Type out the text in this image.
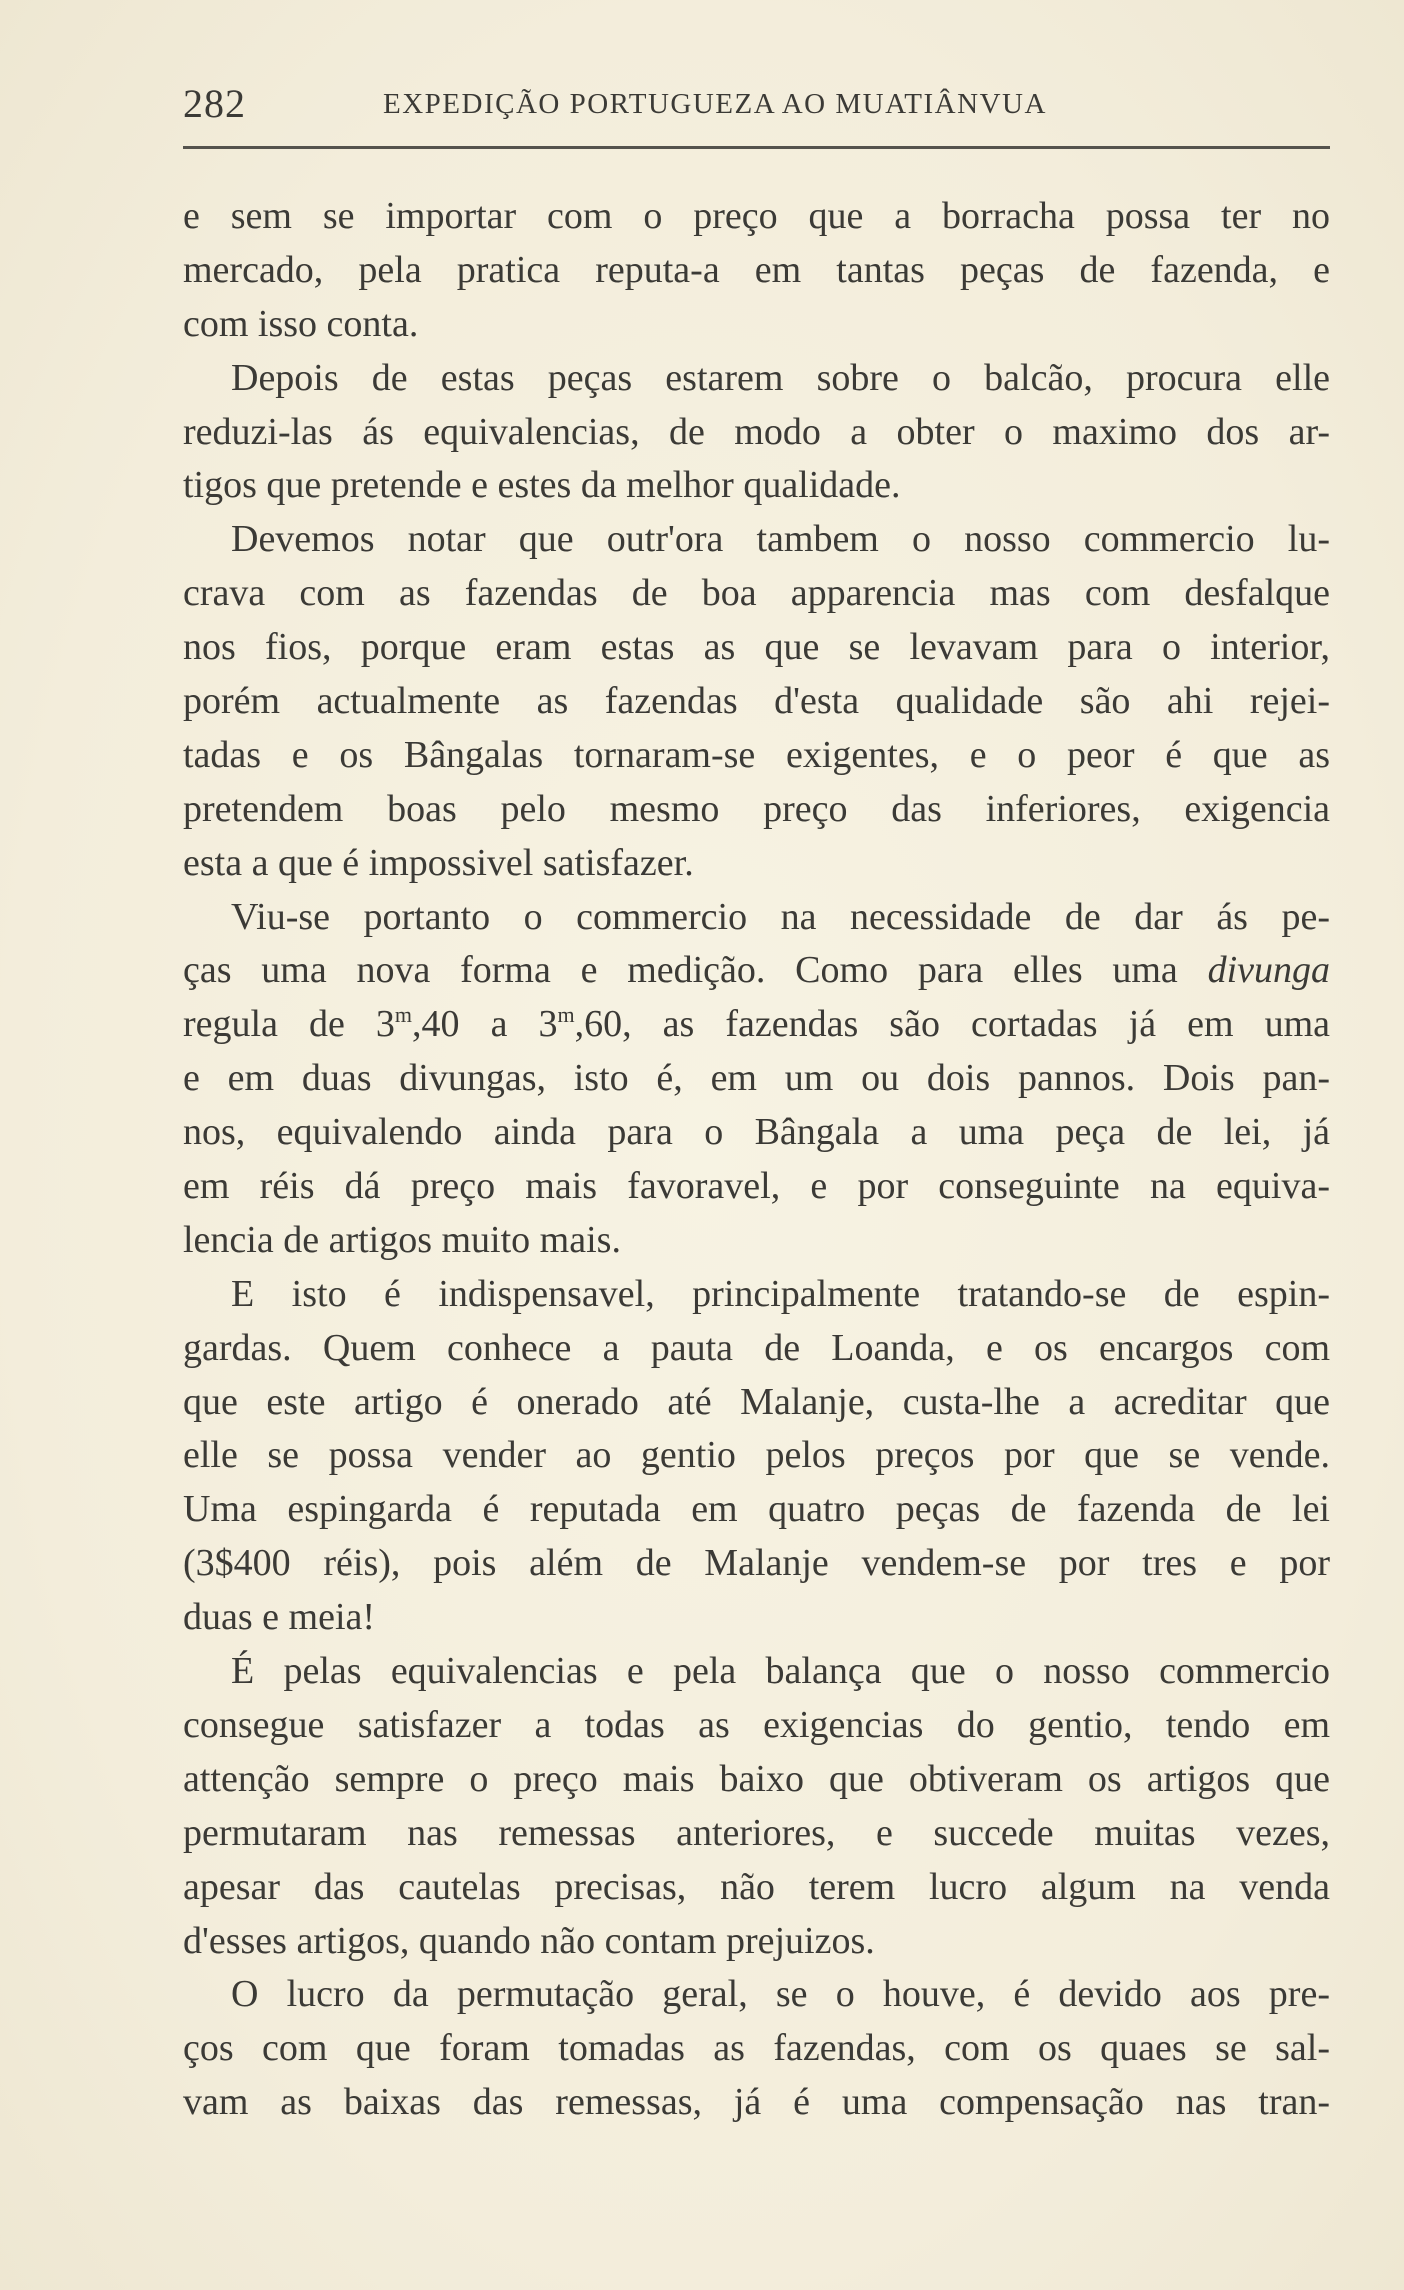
282	EXPEDIÇÃO PORTUGUEZA AO MUATIÂNVUA
e sem se importar com o preço que a borracha possa ter no
mercado, pela pratica reputa-a em tantas peças de fazenda, e
com isso conta.
Depois de estas peças estarem sobre o balcão, procura elle
reduzi-las ás equivalencias, de modo a obter o maximo dos ar-
tigos que pretende e estes da melhor qualidade.
Devemos notar que outr'ora tambem o nosso commercio lu-
crava com as fazendas de boa apparencia mas com desfalque
nos fios, porque eram estas as que se levavam para o interior,
porém actualmente as fazendas d'esta qualidade são ahi rejei-
tadas e os Bângalas tornaram-se exigentes, e o peor é que as
pretendem boas pelo mesmo preço das inferiores, exigencia
esta a que é impossivel satisfazer.
Viu-se portanto o commercio na necessidade de dar ás pe-
ças uma nova forma e medição. Como para elles uma divunga
regula de 3$^m$,40 a 3$^m$,60, as fazendas são cortadas já em uma
e em duas divungas, isto é, em um ou dois pannos. Dois pan-
nos, equivalendo ainda para o Bângala a uma peça de lei, já
em réis dá preço mais favoravel, e por conseguinte na equiva-
lencia de artigos muito mais.
E isto é indispensavel, principalmente tratando-se de espin-
gardas. Quem conhece a pauta de Loanda, e os encargos com
que este artigo é onerado até Malanje, custa-lhe a acreditar que
elle se possa vender ao gentio pelos preços por que se vende.
Uma espingarda é reputada em quatro peças de fazenda de lei
(3$400 réis), pois além de Malanje vendem-se por tres e por
duas e meia!
É pelas equivalencias e pela balança que o nosso commercio
consegue satisfazer a todas as exigencias do gentio, tendo em
attenção sempre o preço mais baixo que obtiveram os artigos que
permutaram nas remessas anteriores, e succede muitas vezes,
apesar das cautelas precisas, não terem lucro algum na venda
d'esses artigos, quando não contam prejuizos.
O lucro da permutação geral, se o houve, é devido aos pre-
ços com que foram tomadas as fazendas, com os quaes se sal-
vam as baixas das remessas, já é uma compensação nas tran-
